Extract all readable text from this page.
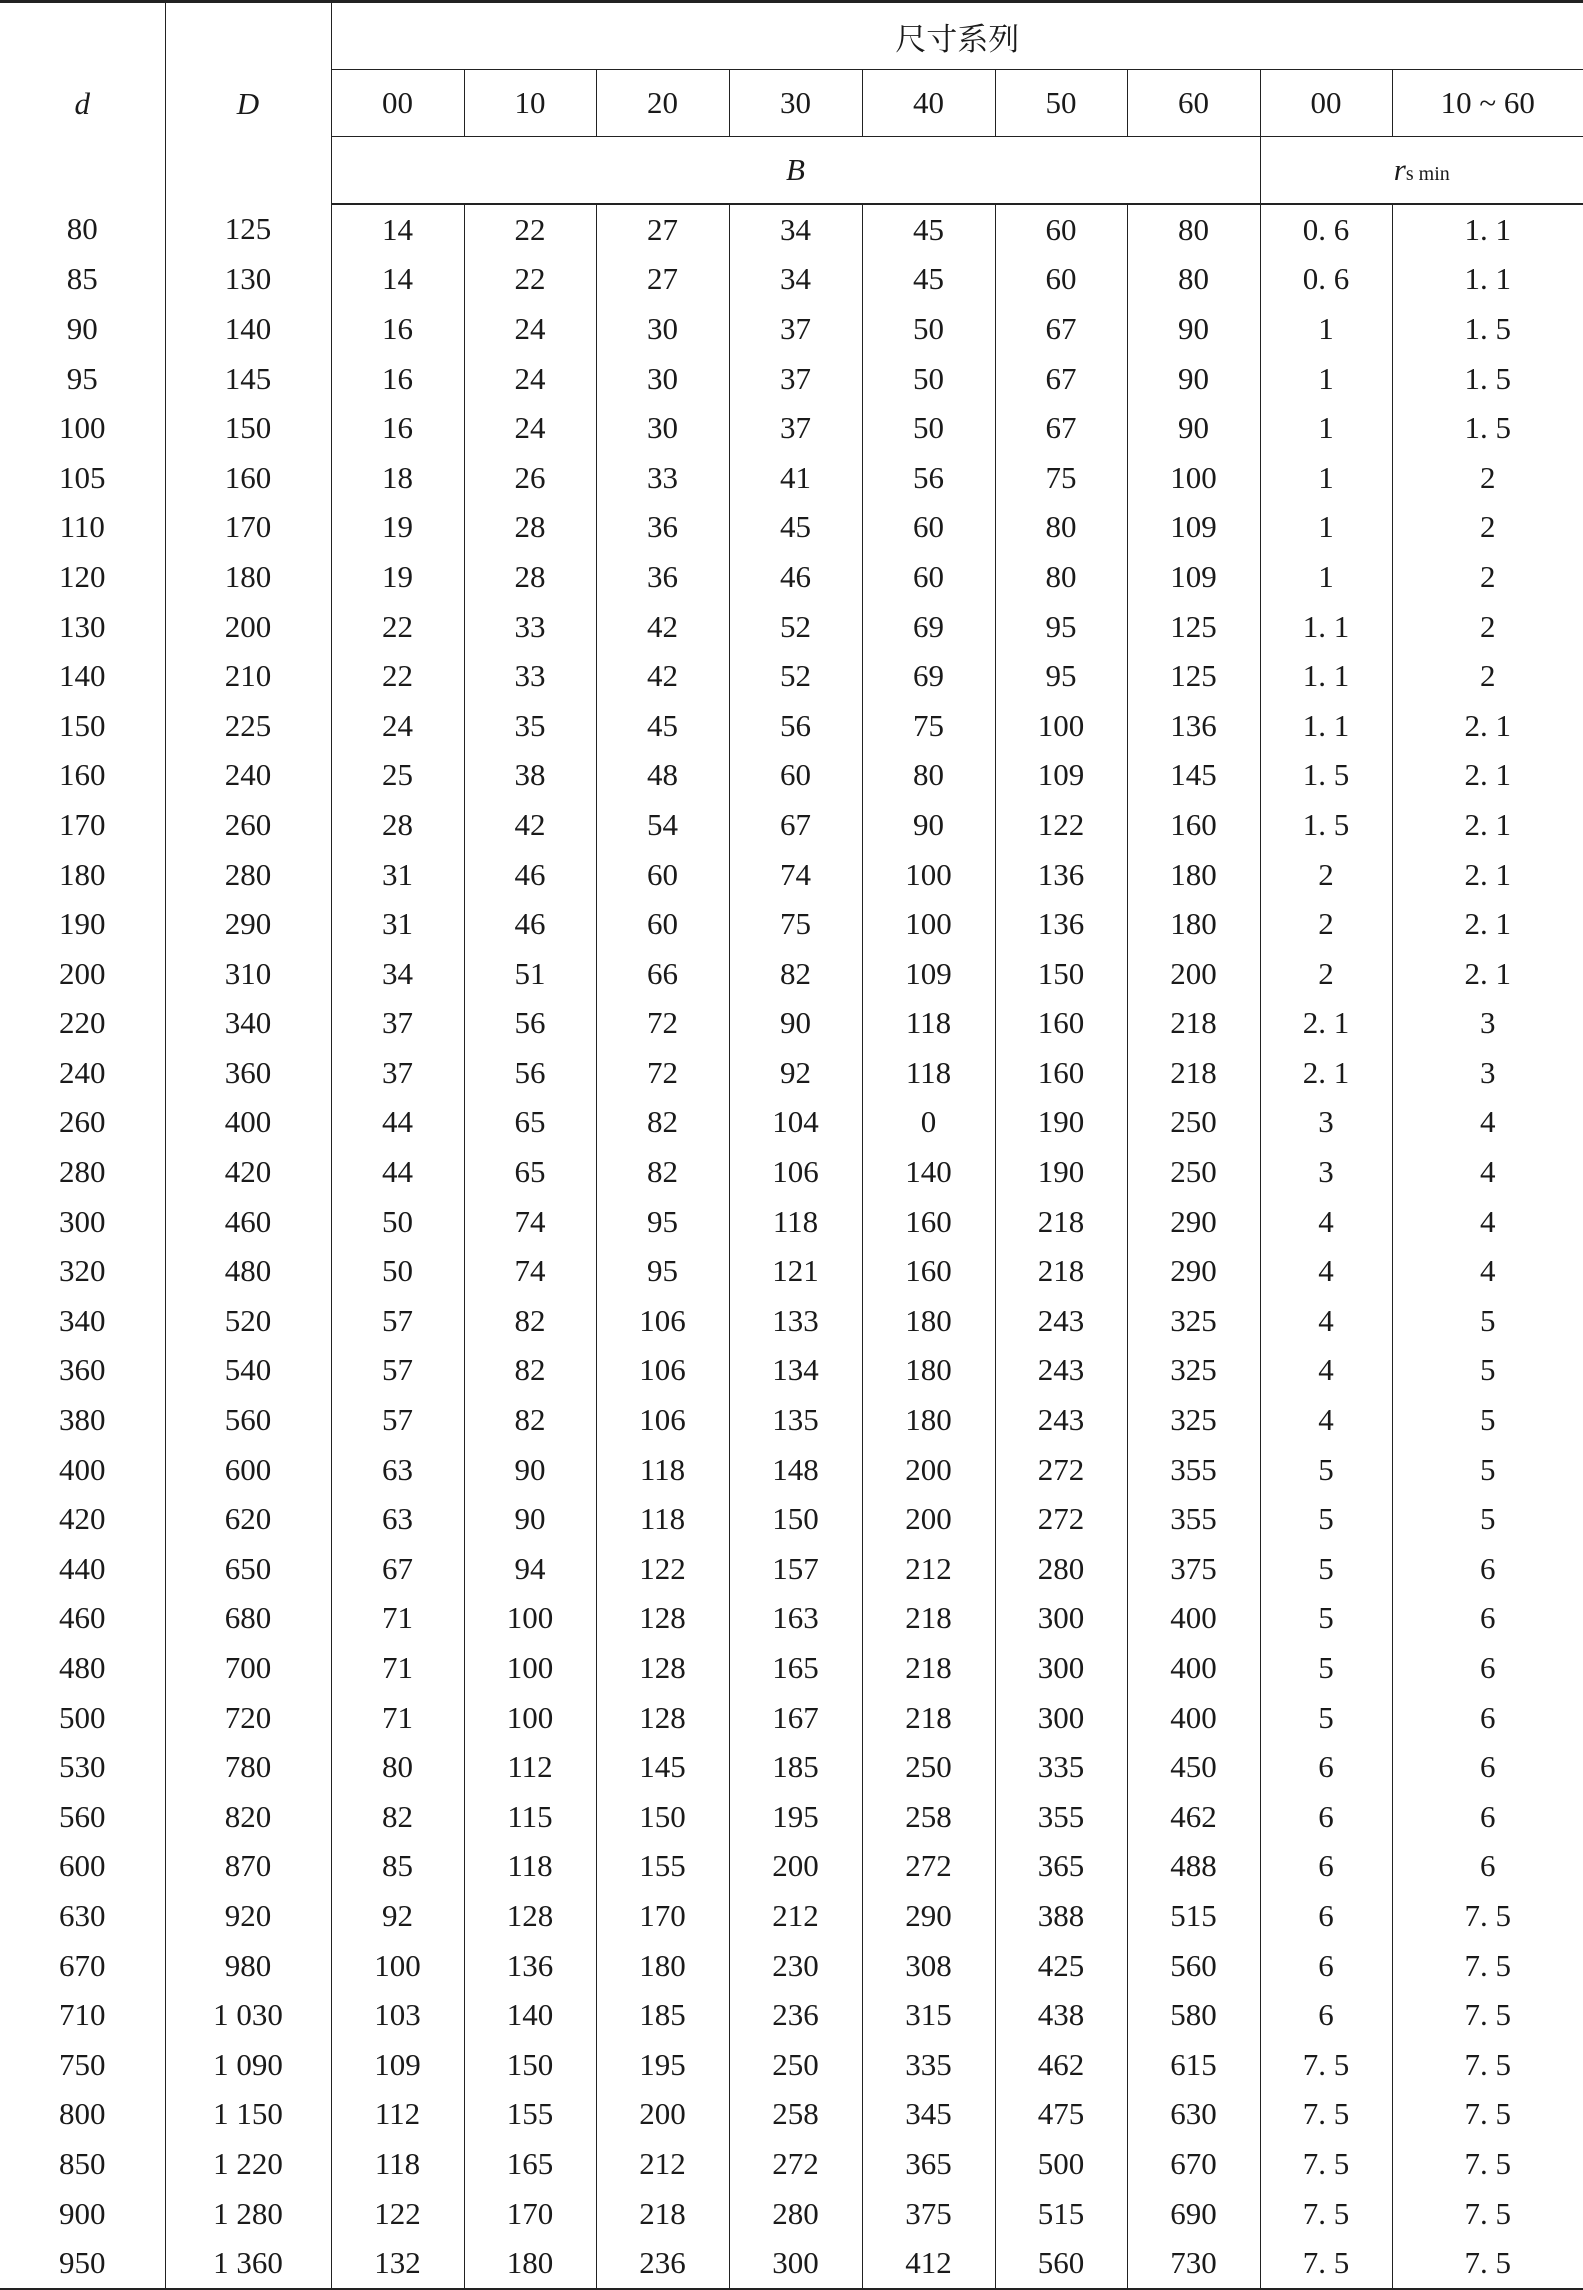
d	D	尺寸系列								
		00	10	20	30	40	50	60	00	10 ~ 60
		B							rs min	
80	125	14	22	27	34	45	60	80	0. 6	1. 1
85	130	14	22	27	34	45	60	80	0. 6	1. 1
90	140	16	24	30	37	50	67	90	1	1. 5
95	145	16	24	30	37	50	67	90	1	1. 5
100	150	16	24	30	37	50	67	90	1	1. 5
105	160	18	26	33	41	56	75	100	1	2
110	170	19	28	36	45	60	80	109	1	2
120	180	19	28	36	46	60	80	109	1	2
130	200	22	33	42	52	69	95	125	1. 1	2
140	210	22	33	42	52	69	95	125	1. 1	2
150	225	24	35	45	56	75	100	136	1. 1	2. 1
160	240	25	38	48	60	80	109	145	1. 5	2. 1
170	260	28	42	54	67	90	122	160	1. 5	2. 1
180	280	31	46	60	74	100	136	180	2	2. 1
190	290	31	46	60	75	100	136	180	2	2. 1
200	310	34	51	66	82	109	150	200	2	2. 1
220	340	37	56	72	90	118	160	218	2. 1	3
240	360	37	56	72	92	118	160	218	2. 1	3
260	400	44	65	82	104	0	190	250	3	4
280	420	44	65	82	106	140	190	250	3	4
300	460	50	74	95	118	160	218	290	4	4
320	480	50	74	95	121	160	218	290	4	4
340	520	57	82	106	133	180	243	325	4	5
360	540	57	82	106	134	180	243	325	4	5
380	560	57	82	106	135	180	243	325	4	5
400	600	63	90	118	148	200	272	355	5	5
420	620	63	90	118	150	200	272	355	5	5
440	650	67	94	122	157	212	280	375	5	6
460	680	71	100	128	163	218	300	400	5	6
480	700	71	100	128	165	218	300	400	5	6
500	720	71	100	128	167	218	300	400	5	6
530	780	80	112	145	185	250	335	450	6	6
560	820	82	115	150	195	258	355	462	6	6
600	870	85	118	155	200	272	365	488	6	6
630	920	92	128	170	212	290	388	515	6	7. 5
670	980	100	136	180	230	308	425	560	6	7. 5
710	1 030	103	140	185	236	315	438	580	6	7. 5
750	1 090	109	150	195	250	335	462	615	7. 5	7. 5
800	1 150	112	155	200	258	345	475	630	7. 5	7. 5
850	1 220	118	165	212	272	365	500	670	7. 5	7. 5
900	1 280	122	170	218	280	375	515	690	7. 5	7. 5
950	1 360	132	180	236	300	412	560	730	7. 5	7. 5
